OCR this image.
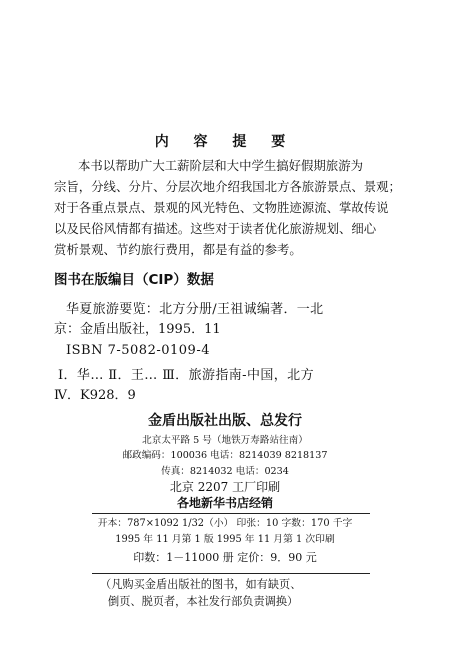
内 容 提 要
本书以帮助广大工薪阶层和大中学生搞好假期旅游为
宗旨，分线、分片、分层次地介绍我国北方各旅游景点、景观；
对于各重点景点、景观的风光特色、文物胜迹源流、掌故传说
以及民俗风情都有描述。这些对于读者优化旅游规划、细心
赏析景观、节约旅行费用，都是有益的参考。
图书在版编目（CIP）数据
华夏旅游要览：北方分册/王祖诚编著．一北
京：金盾出版社，1995．11
ISBN 7-5082-0109-4
Ⅰ．华… Ⅱ．王… Ⅲ．旅游指南-中国，北方
Ⅳ．K928．9
金盾出版社出版、总发行
北京太平路 5 号（地铁万寿路站往南）
邮政编码：100036 电话：8214039 8218137
传真：8214032 电话：0234
北京 2207 工厂印刷
各地新华书店经销
开本：787×1092 1/32（小） 印张：10 字数：170 千字
1995 年 11 月第 1 版 1995 年 11 月第 1 次印刷
印数：1－11000 册 定价：9．90 元
（凡购买金盾出版社的图书，如有缺页、
倒页、脱页者，本社发行部负责调换）
